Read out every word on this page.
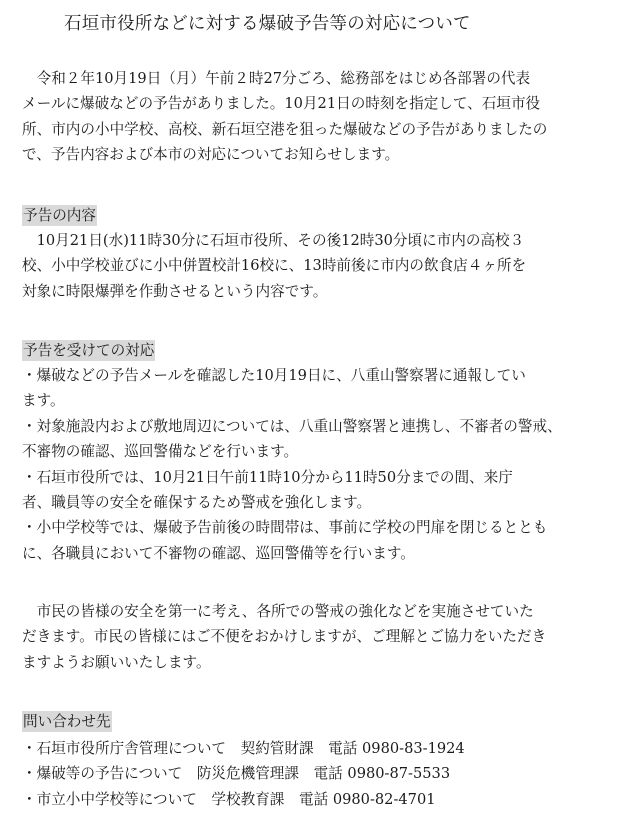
石垣市役所などに対する爆破予告等の対応について

　令和２年10月19日（月）午前２時27分ごろ、総務部をはじめ各部署の代表
メールに爆破などの予告がありました。10月21日の時刻を指定して、石垣市役
所、市内の小中学校、高校、新石垣空港を狙った爆破などの予告がありましたの
で、予告内容および本市の対応についてお知らせします。

予告の内容

　10月21日(水)11時30分に石垣市役所、その後12時30分頃に市内の高校３
校、小中学校並びに小中併置校計16校に、13時前後に市内の飲食店４ヶ所を
対象に時限爆弾を作動させるという内容です。

予告を受けての対応

・爆破などの予告メールを確認した10月19日に、八重山警察署に通報してい
ます。
・対象施設内および敷地周辺については、八重山警察署と連携し、不審者の警戒、
不審物の確認、巡回警備などを行います。
・石垣市役所では、10月21日午前11時10分から11時50分までの間、来庁
者、職員等の安全を確保するため警戒を強化します。
・小中学校等では、爆破予告前後の時間帯は、事前に学校の門扉を閉じるととも
に、各職員において不審物の確認、巡回警備等を行います。

　市民の皆様の安全を第一に考え、各所での警戒の強化などを実施させていた
だきます。市民の皆様にはご不便をおかけしますが、ご理解とご協力をいただき
ますようお願いいたします。

問い合わせ先

・石垣市役所庁舎管理について　契約管財課　電話 0980-83-1924
・爆破等の予告について　防災危機管理課　電話 0980-87-5533
・市立小中学校等について　学校教育課　電話 0980-82-4701
